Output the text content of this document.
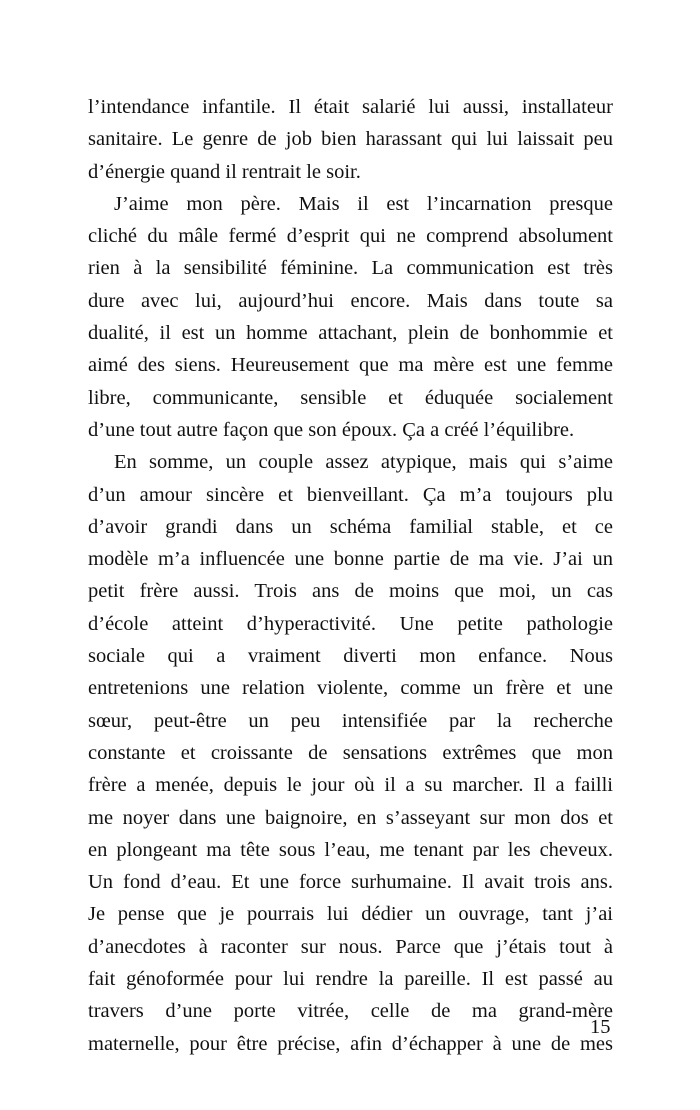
l’intendance infantile. Il était salarié lui aussi, installateur
sanitaire. Le genre de job bien harassant qui lui laissait peu
d’énergie quand il rentrait le soir.
J’aime mon père. Mais il est l’incarnation presque
cliché du mâle fermé d’esprit qui ne comprend absolument
rien à la sensibilité féminine. La communication est très
dure avec lui, aujourd’hui encore. Mais dans toute sa
dualité, il est un homme attachant, plein de bonhommie et
aimé des siens. Heureusement que ma mère est une femme
libre, communicante, sensible et éduquée socialement
d’une tout autre façon que son époux. Ça a créé l’équilibre.
En somme, un couple assez atypique, mais qui s’aime
d’un amour sincère et bienveillant. Ça m’a toujours plu
d’avoir grandi dans un schéma familial stable, et ce
modèle m’a influencée une bonne partie de ma vie. J’ai un
petit frère aussi. Trois ans de moins que moi, un cas
d’école atteint d’hyperactivité. Une petite pathologie
sociale qui a vraiment diverti mon enfance. Nous
entretenions une relation violente, comme un frère et une
sœur, peut-être un peu intensifiée par la recherche
constante et croissante de sensations extrêmes que mon
frère a menée, depuis le jour où il a su marcher. Il a failli
me noyer dans une baignoire, en s’asseyant sur mon dos et
en plongeant ma tête sous l’eau, me tenant par les cheveux.
Un fond d’eau. Et une force surhumaine. Il avait trois ans.
Je pense que je pourrais lui dédier un ouvrage, tant j’ai
d’anecdotes à raconter sur nous. Parce que j’étais tout à
fait génoformée pour lui rendre la pareille. Il est passé au
travers d’une porte vitrée, celle de ma grand-mère
maternelle, pour être précise, afin d’échapper à une de mes
15
